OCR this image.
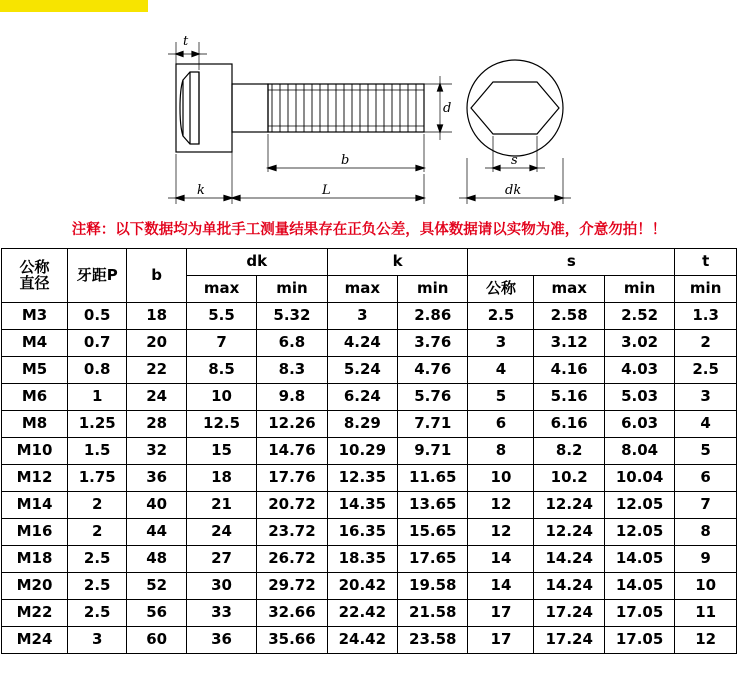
t
d
b
L
k
s
dk
注释：以下数据均为单批手工测量结果存在正负公差，具体数据请以实物为准，介意勿拍！！
公称
直径	牙距P	b	dk		k		s			t
			max	min	max	min	公称	max	min	min
M3	0.5	18	5.5	5.32	3	2.86	2.5	2.58	2.52	1.3
M4	0.7	20	7	6.8	4.24	3.76	3	3.12	3.02	2
M5	0.8	22	8.5	8.3	5.24	4.76	4	4.16	4.03	2.5
M6	1	24	10	9.8	6.24	5.76	5	5.16	5.03	3
M8	1.25	28	12.5	12.26	8.29	7.71	6	6.16	6.03	4
M10	1.5	32	15	14.76	10.29	9.71	8	8.2	8.04	5
M12	1.75	36	18	17.76	12.35	11.65	10	10.2	10.04	6
M14	2	40	21	20.72	14.35	13.65	12	12.24	12.05	7
M16	2	44	24	23.72	16.35	15.65	12	12.24	12.05	8
M18	2.5	48	27	26.72	18.35	17.65	14	14.24	14.05	9
M20	2.5	52	30	29.72	20.42	19.58	14	14.24	14.05	10
M22	2.5	56	33	32.66	22.42	21.58	17	17.24	17.05	11
M24	3	60	36	35.66	24.42	23.58	17	17.24	17.05	12
